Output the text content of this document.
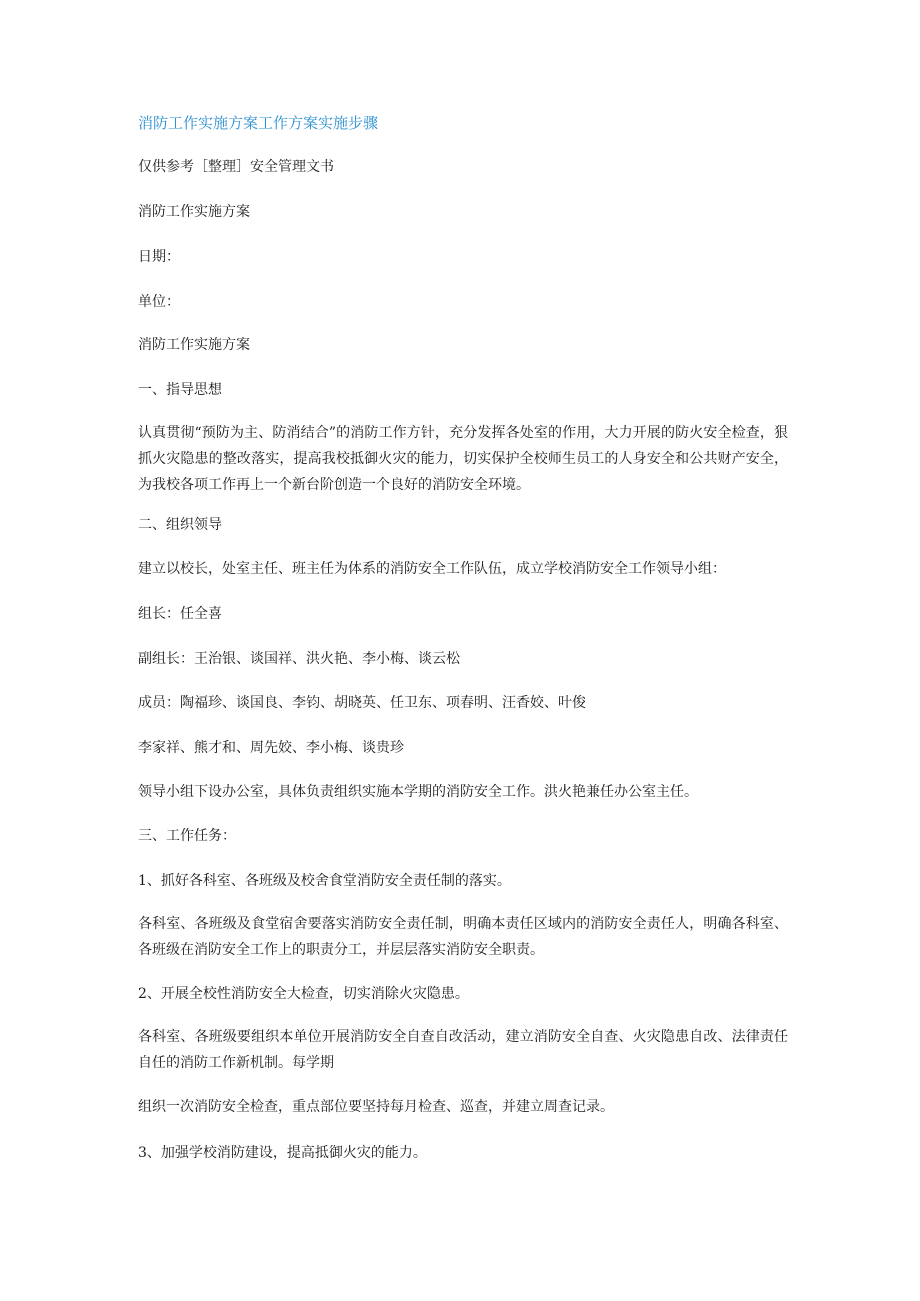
消防工作实施方案工作方案实施步骤
仅供参考［整理］安全管理文书
消防工作实施方案
日期：
单位：
消防工作实施方案
一、指导思想
认真贯彻“预防为主、防消结合”的消防工作方针，充分发挥各处室的作用，大力开展的防火安全检查，狠抓火灾隐患的整改落实，提高我校抵御火灾的能力，切实保护全校师生员工的人身安全和公共财产安全，为我校各项工作再上一个新台阶创造一个良好的消防安全环境。
二、组织领导
建立以校长，处室主任、班主任为体系的消防安全工作队伍，成立学校消防安全工作领导小组：
组长：任全喜
副组长：王治银、谈国祥、洪火艳、李小梅、谈云松
成员：陶福珍、谈国良、李钧、胡晓英、任卫东、项春明、汪香姣、叶俊
李家祥、熊才和、周先姣、李小梅、谈贵珍
领导小组下设办公室，具体负责组织实施本学期的消防安全工作。洪火艳兼任办公室主任。
三、工作任务：
1、抓好各科室、各班级及校舍食堂消防安全责任制的落实。
各科室、各班级及食堂宿舍要落实消防安全责任制，明确本责任区域内的消防安全责任人，明确各科室、各班级在消防安全工作上的职责分工，并层层落实消防安全职责。
2、开展全校性消防安全大检查，切实消除火灾隐患。
各科室、各班级要组织本单位开展消防安全自查自改活动，建立消防安全自查、火灾隐患自改、法律责任自任的消防工作新机制。每学期
组织一次消防安全检查，重点部位要坚持每月检查、巡查，并建立周查记录。
3、加强学校消防建设，提高抵御火灾的能力。
